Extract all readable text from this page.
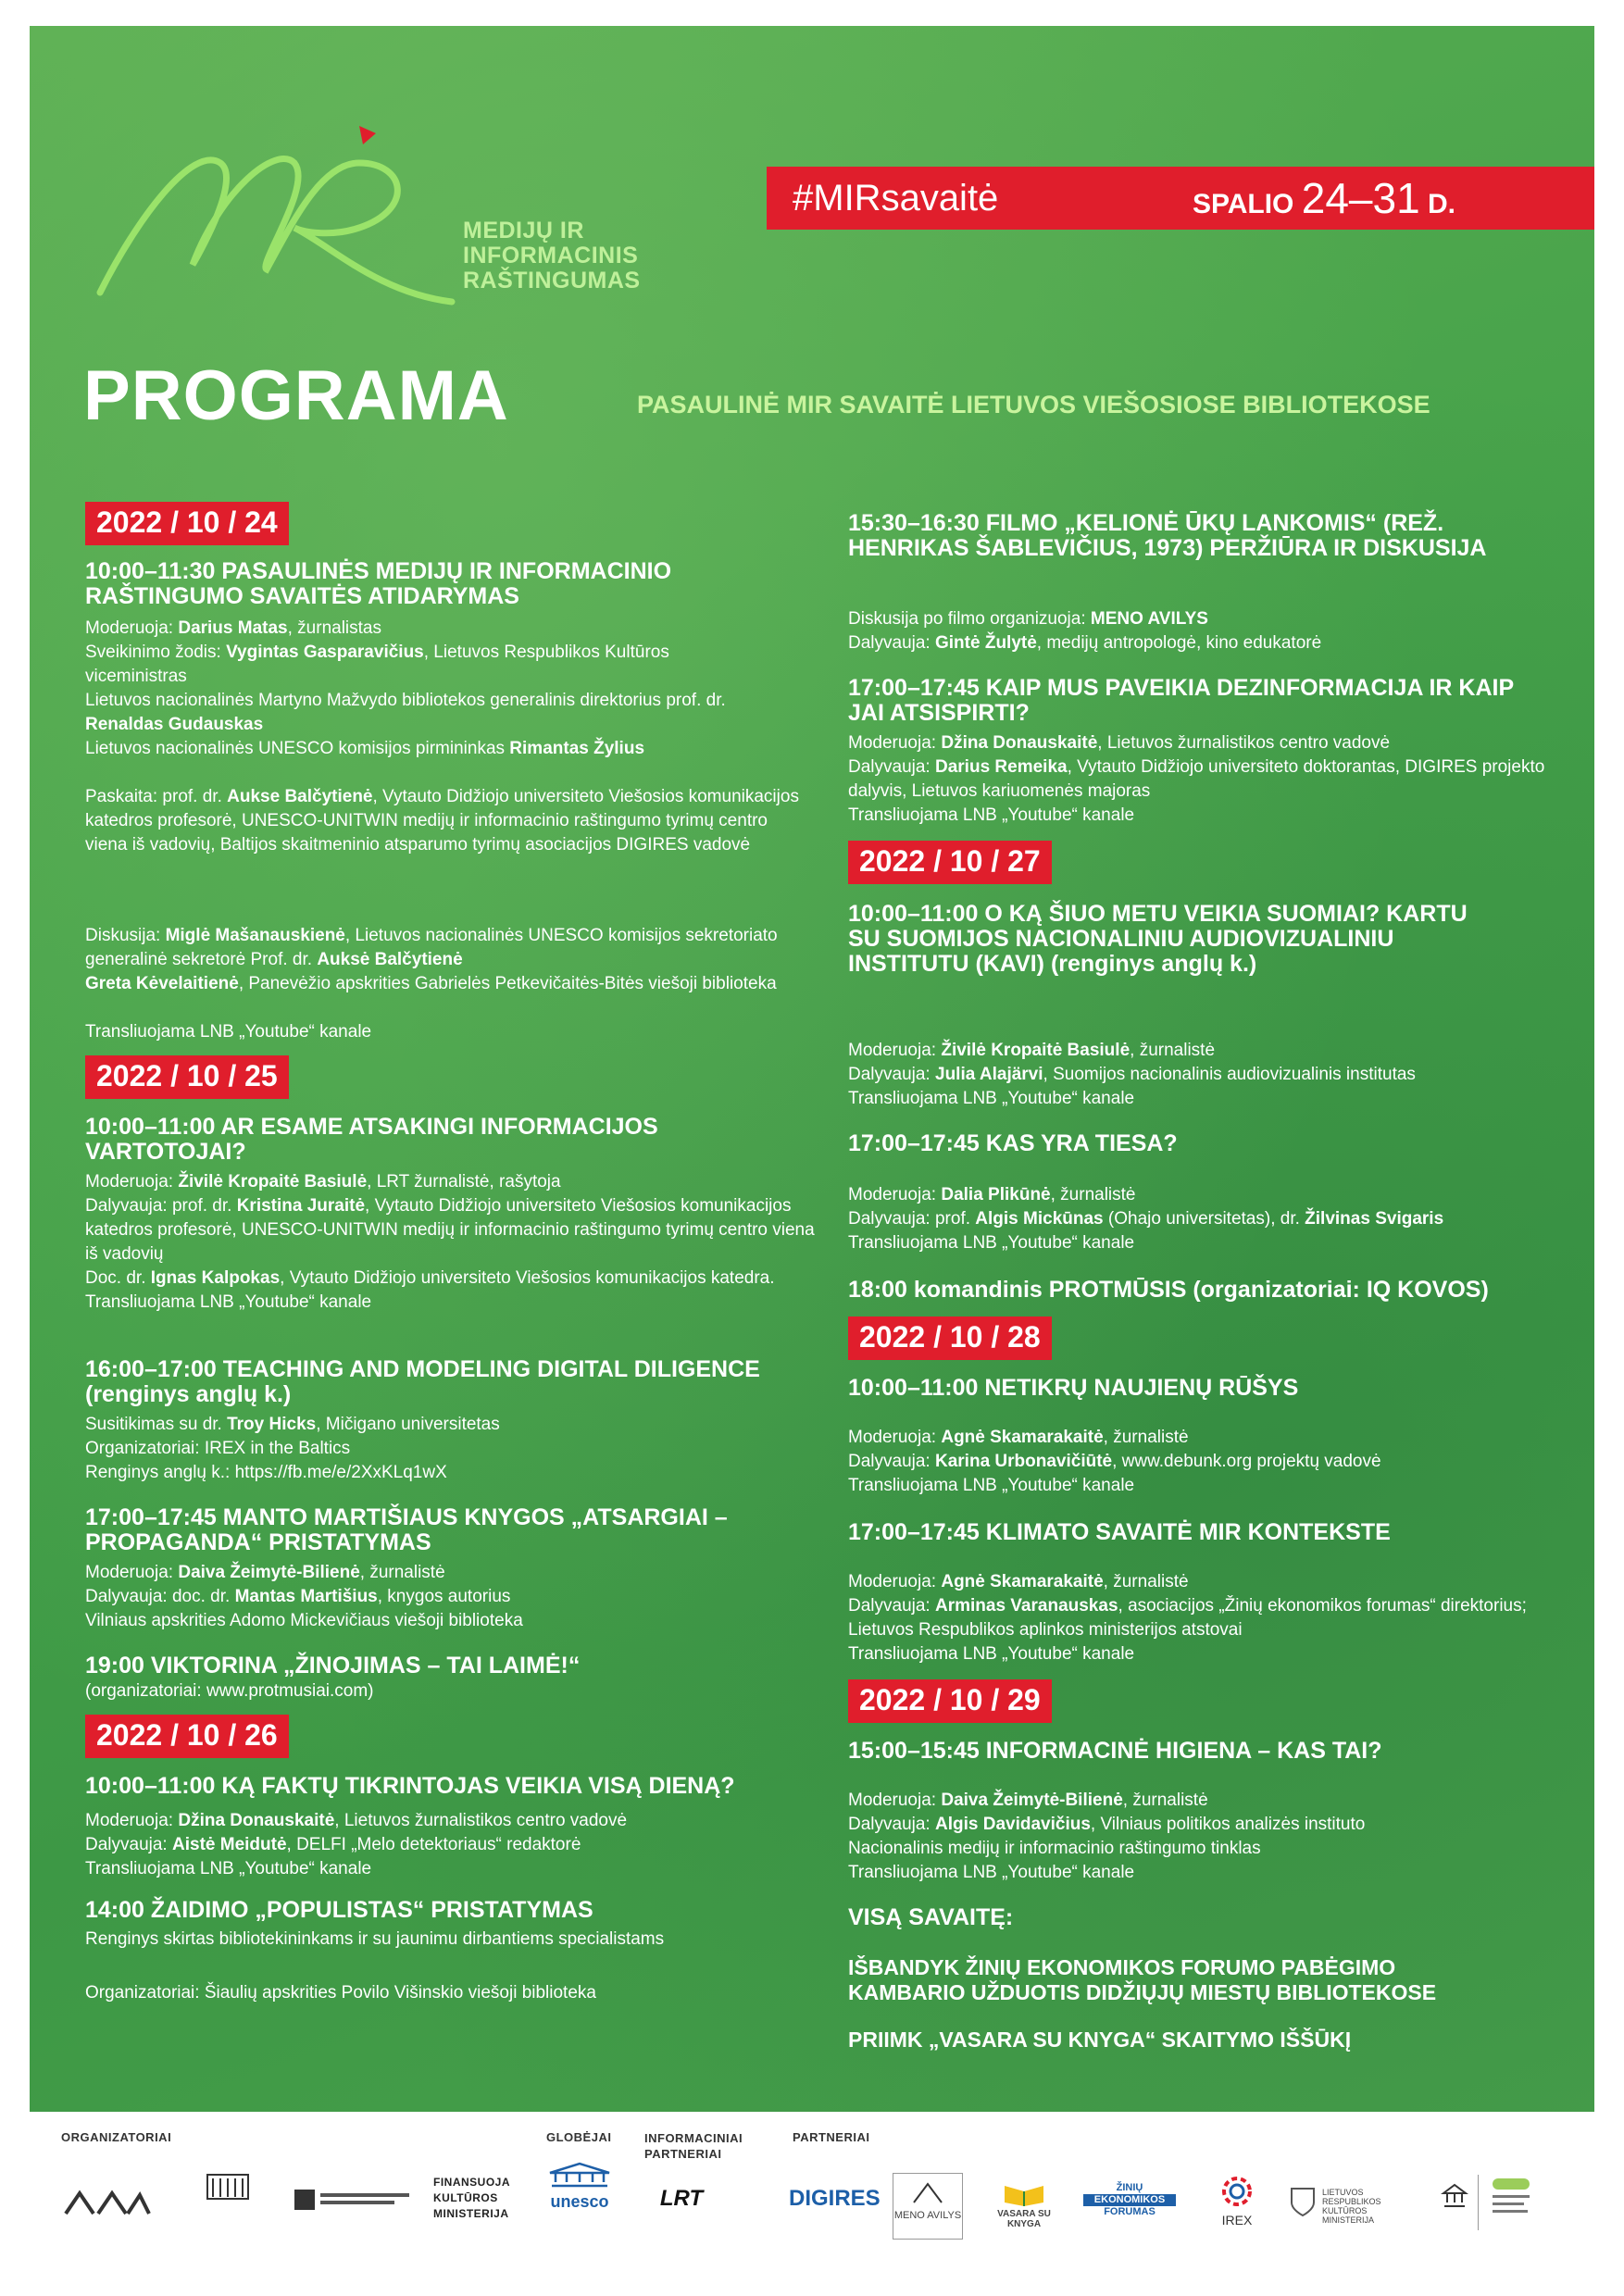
MEDIJŲ IR
INFORMACINIS
RAŠTINGUMAS
#MIRsavaitė	SPALIO 24–31 D.
PROGRAMA	PASAULINĖ MIR SAVAITĖ LIETUVOS VIEŠOSIOSE BIBLIOTEKOSE
2022 / 10 / 24
10:00–11:30 PASAULINĖS MEDIJŲ IR INFORMACINIO RAŠTINGUMO SAVAITĖS ATIDARYMAS
Moderuoja: Darius Matas, žurnalistas
Sveikinimo žodis: Vygintas Gasparavičius, Lietuvos Respublikos Kultūros viceministras
Lietuvos nacionalinės Martyno Mažvydo bibliotekos generalinis direktorius prof. dr. Renaldas Gudauskas
Lietuvos nacionalinės UNESCO komisijos pirmininkas Rimantas Žylius
Paskaita: prof. dr. Aukse Balčytienė, Vytauto Didžiojo universiteto Viešosios komunikacijos katedros profesorė, UNESCO-UNITWIN medijų ir informacinio raštingumo tyrimų centro viena iš vadovių, Baltijos skaitmeninio atsparumo tyrimų asociacijos DIGIRES vadovė
Diskusija: Miglė Mašanauskienė, Lietuvos nacionalinės UNESCO komisijos sekretoriato generalinė sekretorė Prof. dr. Auksė Balčytienė
Greta Kėvelaitienė, Panevėžio apskrities Gabrielės Petkevičaitės-Bitės viešoji biblioteka
Transliuojama LNB „Youtube“ kanale
2022 / 10 / 25
10:00–11:00 AR ESAME ATSAKINGI INFORMACIJOS VARTOTOJAI?
Moderuoja: Živilė Kropaitė Basiulė, LRT žurnalistė, rašytoja
Dalyvauja: prof. dr. Kristina Juraitė, Vytauto Didžiojo universiteto Viešosios komunikacijos katedros profesorė, UNESCO-UNITWIN medijų ir informacinio raštingumo tyrimų centro viena iš vadovių
Doc. dr. Ignas Kalpokas, Vytauto Didžiojo universiteto Viešosios komunikacijos katedra. Transliuojama LNB „Youtube“ kanale
16:00–17:00 TEACHING AND MODELING DIGITAL DILIGENCE (renginys anglų k.)
Susitikimas su dr. Troy Hicks, Mičigano universitetas
Organizatoriai: IREX in the Baltics
Renginys anglų k.: https://fb.me/e/2XxKLq1wX
17:00–17:45 MANTO MARTIŠIAUS KNYGOS „ATSARGIAI – PROPAGANDA“ PRISTATYMAS
Moderuoja: Daiva Žeimytė-Bilienė, žurnalistė
Dalyvauja: doc. dr. Mantas Martišius, knygos autorius
Vilniaus apskrities Adomo Mickevičiaus viešoji biblioteka
19:00 VIKTORINA „ŽINOJIMAS – TAI LAIMĖ!“
(organizatoriai: www.protmusiai.com)
2022 / 10 / 26
10:00–11:00 KĄ FAKTŲ TIKRINTOJAS VEIKIA VISĄ DIENĄ?
Moderuoja: Džina Donauskaitė, Lietuvos žurnalistikos centro vadovė
Dalyvauja: Aistė Meidutė, DELFI „Melo detektoriaus“ redaktorė
Transliuojama LNB „Youtube“ kanale
14:00 ŽAIDIMO „POPULISTAS“ PRISTATYMAS
Renginys skirtas bibliotekininkams ir su jaunimu dirbantiems specialistams
Organizatoriai: Šiaulių apskrities Povilo Višinskio viešoji biblioteka
15:30–16:30 FILMO „KELIONĖ ŪKŲ LANKOMIS“ (REŽ. HENRIKAS ŠABLEVIČIUS, 1973) PERŽIŪRA IR DISKUSIJA
Diskusija po filmo organizuoja: MENO AVILYS
Dalyvauja: Gintė Žulytė, medijų antropologė, kino edukatorė
17:00–17:45 KAIP MUS PAVEIKIA DEZINFORMACIJA IR KAIP JAI ATSISPIRTI?
Moderuoja: Džina Donauskaitė, Lietuvos žurnalistikos centro vadovė
Dalyvauja: Darius Remeika, Vytauto Didžiojo universiteto doktorantas, DIGIRES projekto dalyvis, Lietuvos kariuomenės majoras
Transliuojama LNB „Youtube“ kanale
2022 / 10 / 27
10:00–11:00 O KĄ ŠIUO METU VEIKIA SUOMIAI? KARTU SU SUOMIJOS NACIONALINIU AUDIOVIZUALINIU INSTITUTU (KAVI) (renginys anglų k.)
Moderuoja: Živilė Kropaitė Basiulė, žurnalistė
Dalyvauja: Julia Alajärvi, Suomijos nacionalinis audiovizualinis institutas
Transliuojama LNB „Youtube“ kanale
17:00–17:45 KAS YRA TIESA?
Moderuoja: Dalia Plikūnė, žurnalistė
Dalyvauja: prof. Algis Mickūnas (Ohajo universitetas), dr. Žilvinas Svigaris
Transliuojama LNB „Youtube“ kanale
18:00 komandinis PROTMŪSIS (organizatoriai: IQ KOVOS)
2022 / 10 / 28
10:00–11:00 NETIKRŲ NAUJIENŲ RŪŠYS
Moderuoja: Agnė Skamarakaitė, žurnalistė
Dalyvauja: Karina Urbonavičiūtė, www.debunk.org projektų vadovė
Transliuojama LNB „Youtube“ kanale
17:00–17:45 KLIMATO SAVAITĖ MIR KONTEKSTE
Moderuoja: Agnė Skamarakaitė, žurnalistė
Dalyvauja: Arminas Varanauskas, asociacijos „Žinių ekonomikos forumas“ direktorius; Lietuvos Respublikos aplinkos ministerijos atstovai
Transliuojama LNB „Youtube“ kanale
2022 / 10 / 29
15:00–15:45 INFORMACINĖ HIGIENA – KAS TAI?
Moderuoja: Daiva Žeimytė-Bilienė, žurnalistė
Dalyvauja: Algis Davidavičius, Vilniaus politikos analizės instituto
Nacionalinis medijų ir informacinio raštingumo tinklas
Transliuojama LNB „Youtube“ kanale
VISĄ SAVAITĘ:
IŠBANDYK ŽINIŲ EKONOMIKOS FORUMO PABĖGIMO KAMBARIO UŽDUOTIS DIDŽIŲJŲ MIESTŲ BIBLIOTEKOSE
PRIIMK „VASARA SU KNYGA“ SKAITYMO IŠŠŪKĮ
ORGANIZATORIAI
FINANSUOJA
KULTŪROS
MINISTERIJA
GLOBĖJAI
unesco
INFORMACINIAI
PARTNERIAI
LRT
PARTNERIAI
DIGIRES
MENO AVILYS	VASARA SU KNYGA
ŽINIŲ
EKONOMIKOS
FORUMAS
IREX
LIETUVOS RESPUBLIKOS KULTŪROS MINISTERIJA
